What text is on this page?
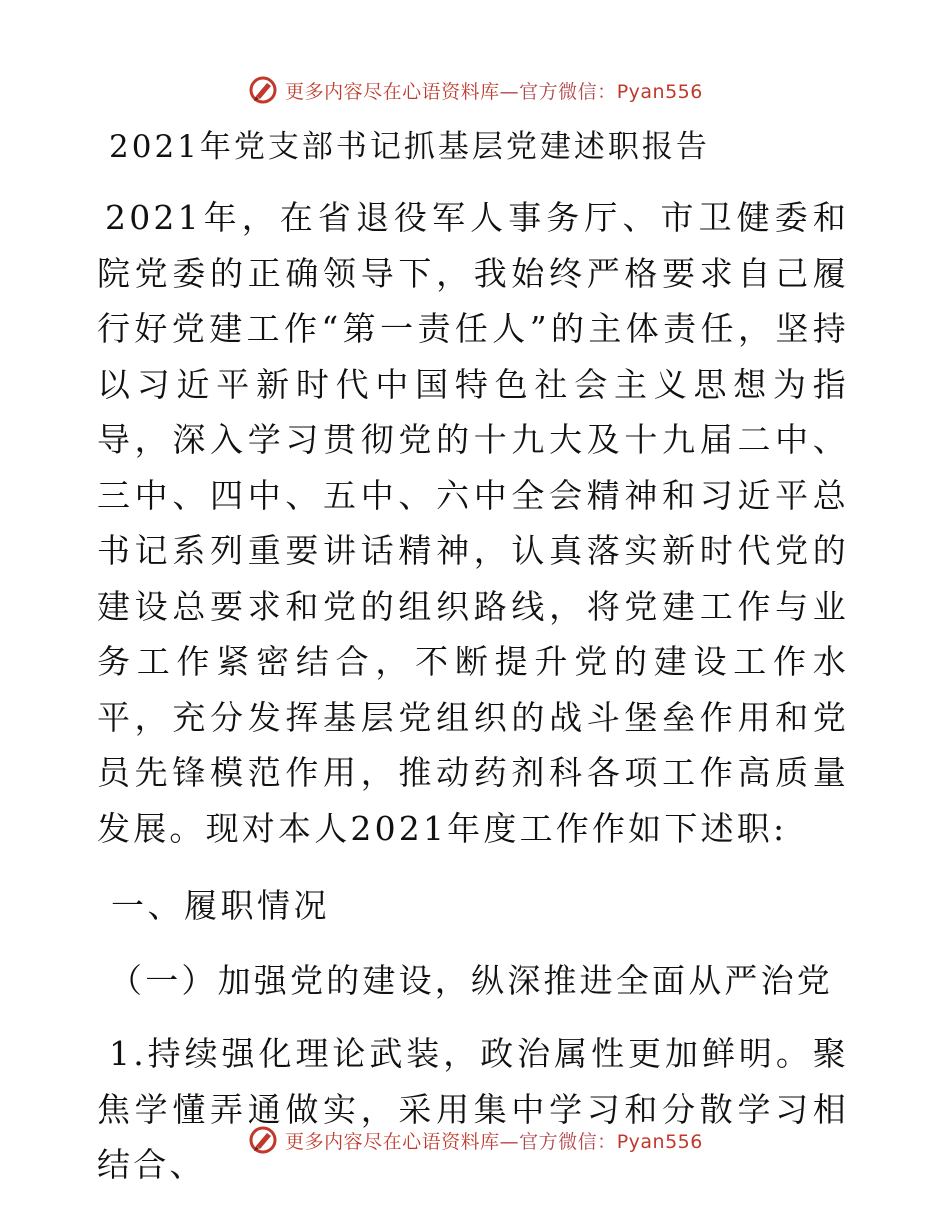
更多内容尽在心语资料库—官方微信：Pyan556
2021年党支部书记抓基层党建述职报告

2021年，在省退役军人事务厅、市卫健委和院党委的正确领导下，我始终严格要求自己履行好党建工作“第一责任人”的主体责任，坚持以习近平新时代中国特色社会主义思想为指导，深入学习贯彻党的十九大及十九届二中、三中、四中、五中、六中全会精神和习近平总书记系列重要讲话精神，认真落实新时代党的建设总要求和党的组织路线，将党建工作与业务工作紧密结合，不断提升党的建设工作水平，充分发挥基层党组织的战斗堡垒作用和党员先锋模范作用，推动药剂科各项工作高质量发展。现对本人2021年度工作作如下述职:

一、履职情况
（一）加强党的建设，纵深推进全面从严治党

1.持续强化理论武装，政治属性更加鲜明。聚焦学懂弄通做实，采用集中学习和分散学习相结合、

更多内容尽在心语资料库—官方微信：Pyan556
